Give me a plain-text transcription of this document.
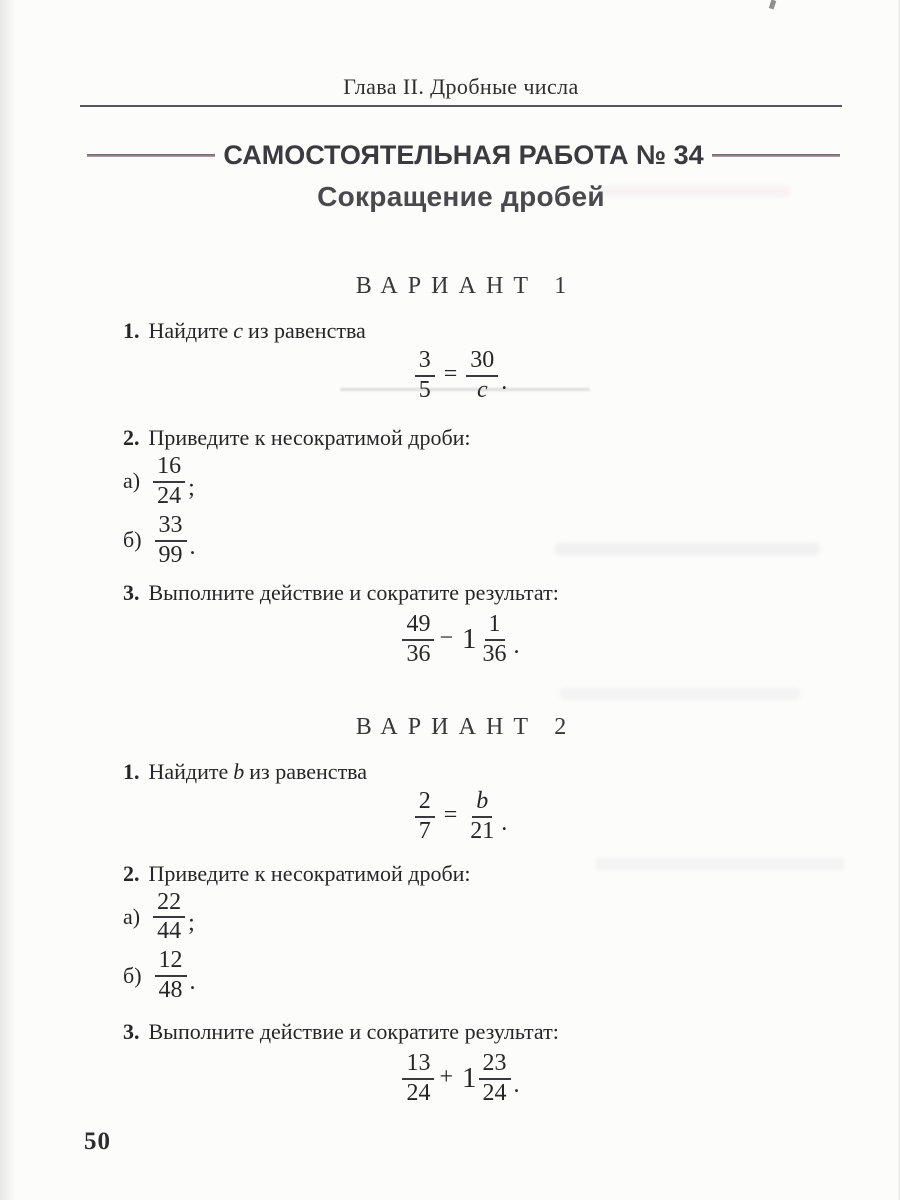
Глава II. Дробные числа
САМОСТОЯТЕЛЬНАЯ РАБОТА № 34
Сокращение дробей
ВАРИАНТ 1

1. Найдите c из равенства

$\frac{3}{5} = \frac{30}{c}$ .

2. Приведите к несократимой дроби:

$а) \frac{16}{24}$ ;
$б) \frac{33}{99}$ .

3. Выполните действие и сократите результат:

$\frac{49}{36} - 1 \frac{1}{36}$ .
ВАРИАНТ 2

1. Найдите b из равенства

$\frac{2}{7} = \frac{b}{21}$ .

2. Приведите к несократимой дроби:

$а) \frac{22}{44}$ ;
$б) \frac{12}{48}$ .

3. Выполните действие и сократите результат:

$\frac{13}{24} + 1 \frac{23}{24}$ .
50
